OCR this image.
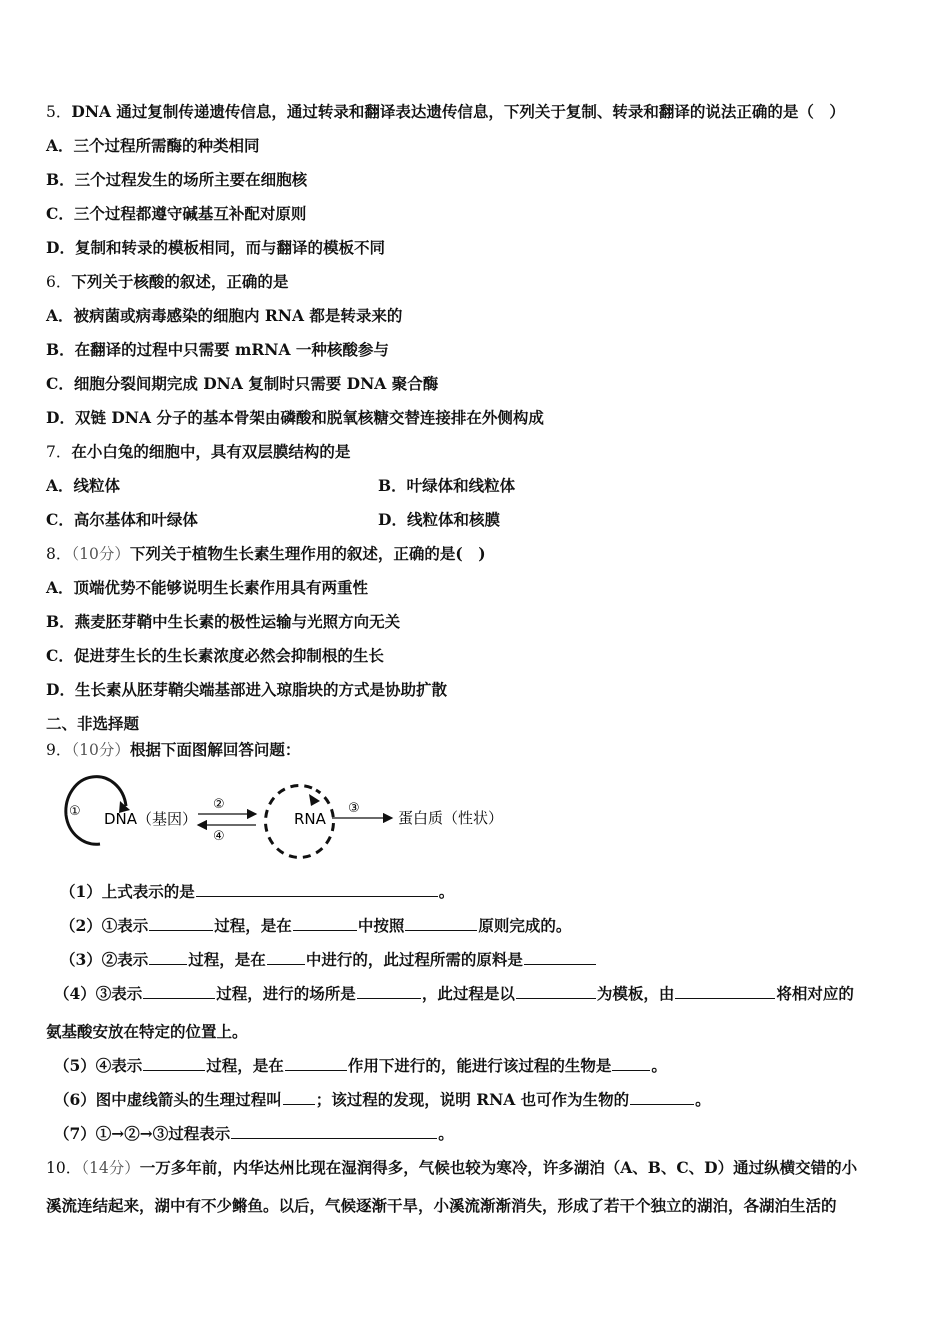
5．DNA 通过复制传递遗传信息，通过转录和翻译表达遗传信息，下列关于复制、转录和翻译的说法正确的是（　）
A．三个过程所需酶的种类相同
B．三个过程发生的场所主要在细胞核
C．三个过程都遵守碱基互补配对原则
D．复制和转录的模板相同，而与翻译的模板不同
6．下列关于核酸的叙述，正确的是
A．被病菌或病毒感染的细胞内 RNA 都是转录来的
B．在翻译的过程中只需要 mRNA 一种核酸参与
C．细胞分裂间期完成 DNA 复制时只需要 DNA 聚合酶
D．双链 DNA 分子的基本骨架由磷酸和脱氧核糖交替连接排在外侧构成
7．在小白兔的细胞中，具有双层膜结构的是
A．线粒体	B．叶绿体和线粒体
C．高尔基体和叶绿体	D．线粒体和核膜
8．（10分）下列关于植物生长素生理作用的叙述，正确的是(　)
A．顶端优势不能够说明生长素作用具有两重性
B．燕麦胚芽鞘中生长素的极性运输与光照方向无关
C．促进芽生长的生长素浓度必然会抑制根的生长
D．生长素从胚芽鞘尖端基部进入琼脂块的方式是协助扩散
二、非选择题
9．（10分）根据下面图解回答问题：
① DNA（基因）
②
④
RNA
③
蛋白质（性状）
（1）上式表示的是	。
（2）①表示	过程，是在	中按照	原则完成的。
（3）②表示	过程，是在	中进行的，此过程所需的原料是
（4）③表示	过程，进行的场所是	，此过程是以	为模板，由	将相对应的
氨基酸安放在特定的位置上。
（5）④表示	过程，是在	作用下进行的，能进行该过程的生物是	。
（6）图中虚线箭头的生理过程叫 ；该过程的发现，说明 RNA 也可作为生物的	。
（7）①→②→③过程表示	。
10．（14分）一万多年前，内华达州比现在湿润得多，气候也较为寒冷，许多湖泊（A、B、C、D）通过纵横交错的小
溪流连结起来，湖中有不少鳉鱼。以后，气候逐渐干旱，小溪流渐渐消失，形成了若干个独立的湖泊，各湖泊生活的
